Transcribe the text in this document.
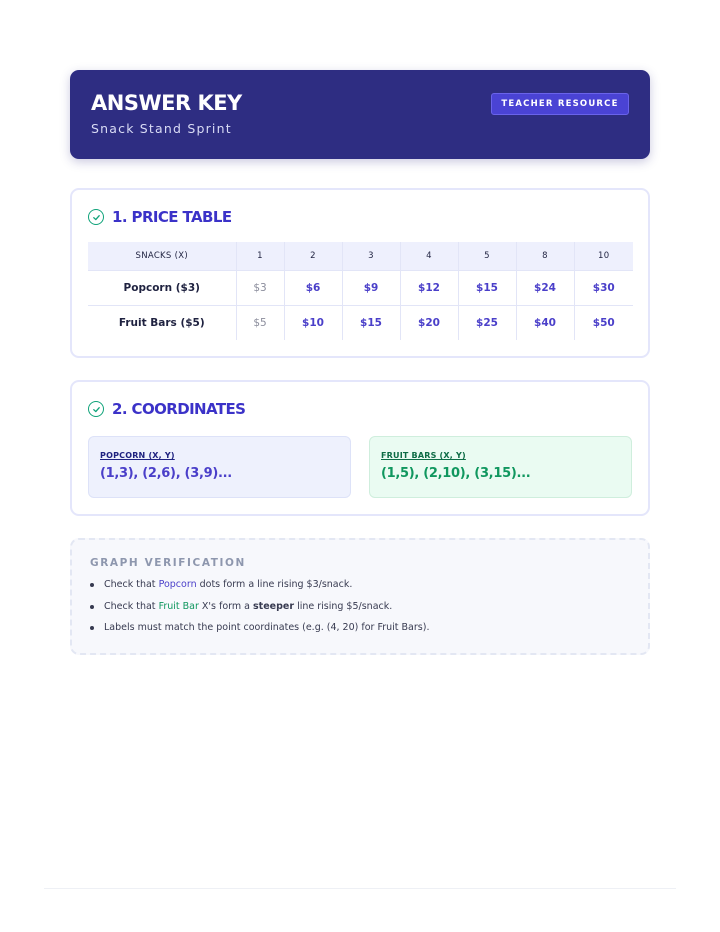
ANSWER KEY
Snack Stand Sprint
TEACHER RESOURCE
1. PRICE TABLE
SNACKS (X)	1	2	3	4	5	8	10
Popcorn ($3)	$3	$6	$9	$12	$15	$24	$30
Fruit Bars ($5)	$5	$10	$15	$20	$25	$40	$50
2. COORDINATES
POPCORN (X, Y)
(1,3), (2,6), (3,9)...
FRUIT BARS (X, Y)
(1,5), (2,10), (3,15)...
GRAPH VERIFICATION
Check that Popcorn dots form a line rising $3/snack.
Check that Fruit Bar X's form a steeper line rising $5/snack.
Labels must match the point coordinates (e.g. (4, 20) for Fruit Bars).
